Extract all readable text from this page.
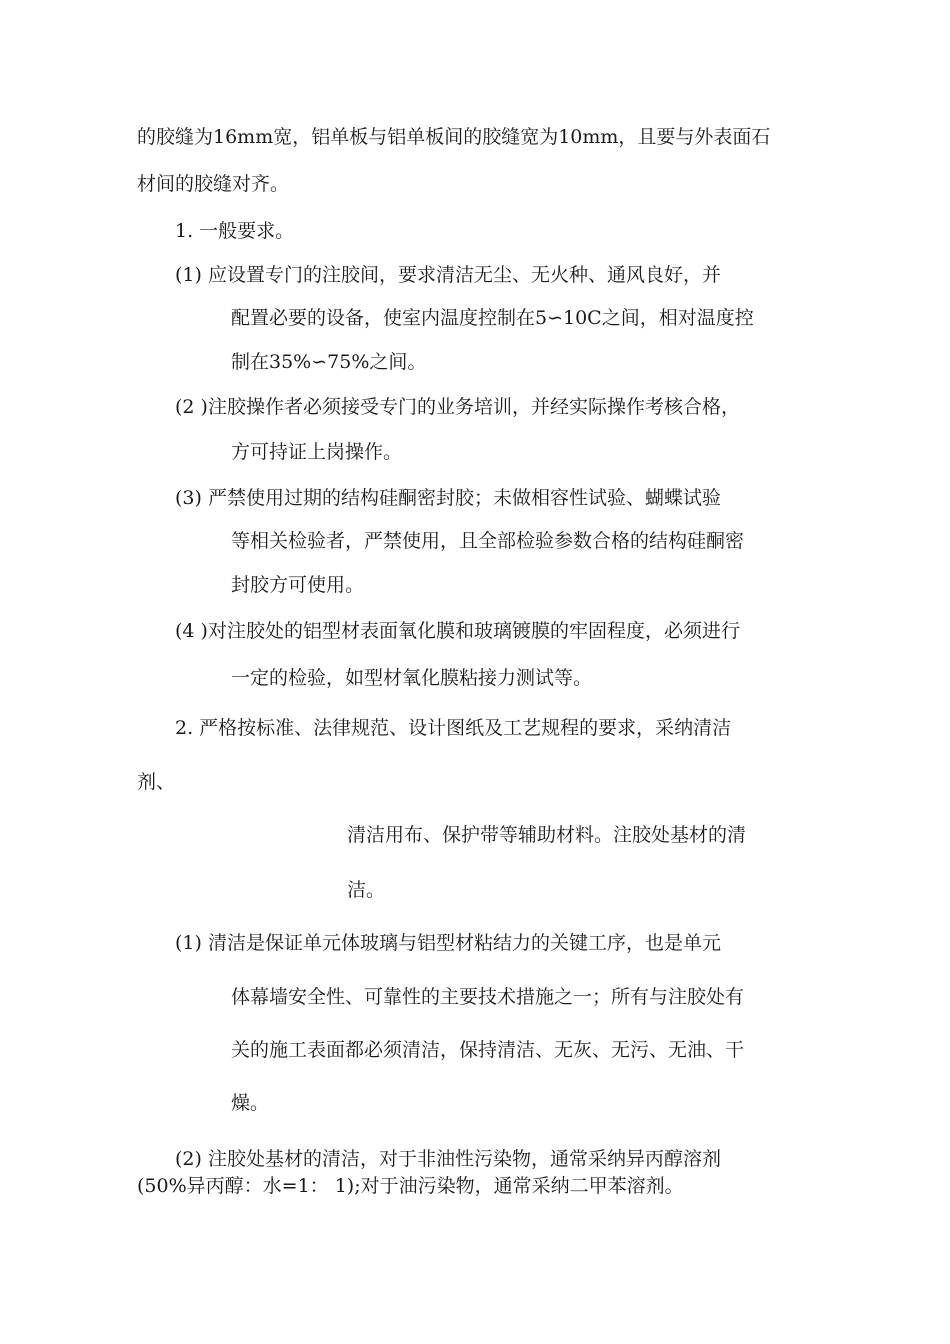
的胶缝为16mm宽，铝单板与铝单板间的胶缝宽为10mm，且要与外表面石
材间的胶缝对齐。
1. 一般要求。
(1) 应设置专门的注胶间，要求清洁无尘、无火种、通风良好，并
配置必要的设备，使室内温度控制在5∽10C之间，相对温度控
制在35%∽75%之间。
(2 )注胶操作者必须接受专门的业务培训，并经实际操作考核合格，
方可持证上岗操作。
(3) 严禁使用过期的结构硅酮密封胶；未做相容性试验、蝴蝶试验
等相关检验者，严禁使用，且全部检验参数合格的结构硅酮密
封胶方可使用。
(4 )对注胶处的铝型材表面氧化膜和玻璃镀膜的牢固程度，必须进行
一定的检验，如型材氧化膜粘接力测试等。
2. 严格按标准、法律规范、设计图纸及工艺规程的要求，采纳清洁
剂、
清洁用布、保护带等辅助材料。注胶处基材的清
洁。
(1) 清洁是保证单元体玻璃与铝型材粘结力的关键工序，也是单元
体幕墙安全性、可靠性的主要技术措施之一；所有与注胶处有
关的施工表面都必须清洁，保持清洁、无灰、无污、无油、干
燥。
(2) 注胶处基材的清洁，对于非油性污染物，通常采纳异丙醇溶剂
(50%异丙醇：水=1： 1);对于油污染物，通常采纳二甲苯溶剂。
